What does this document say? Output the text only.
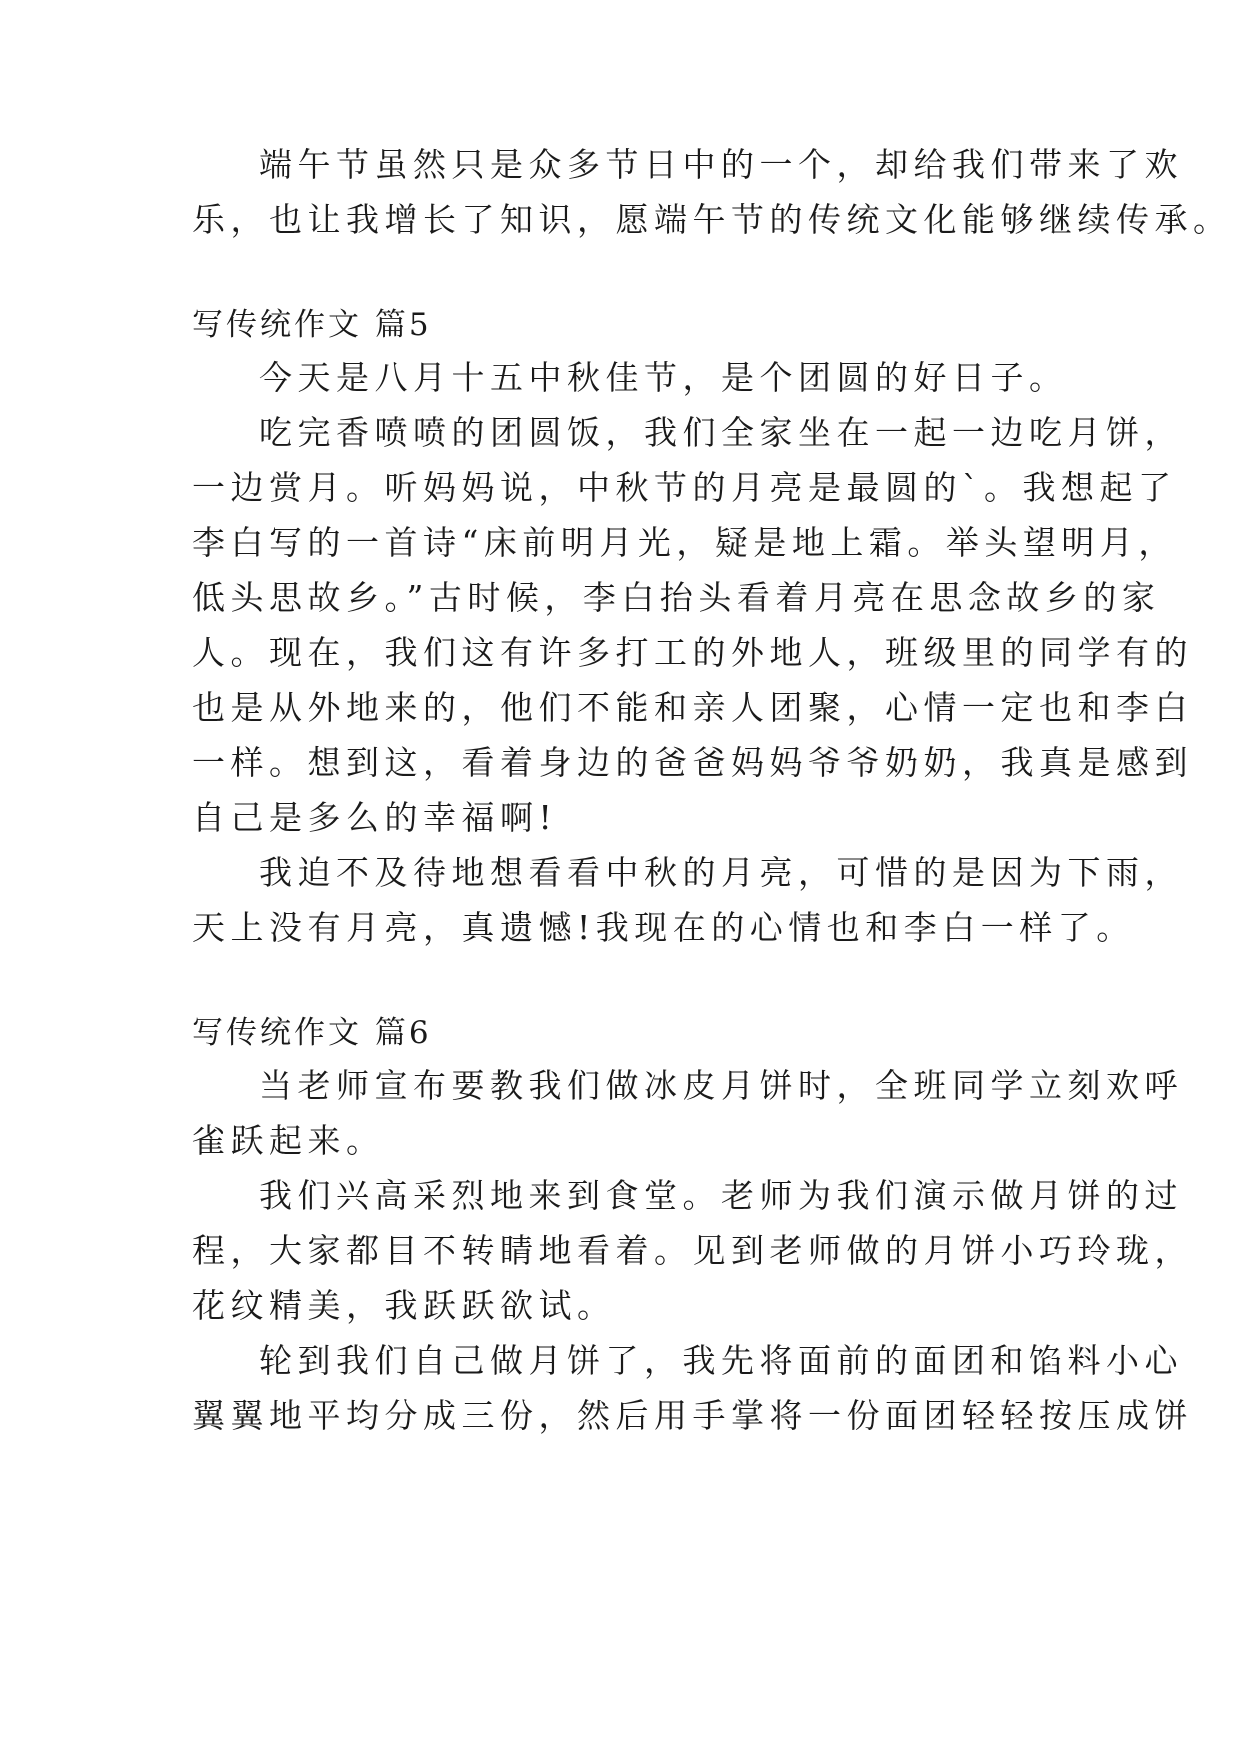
端午节虽然只是众多节日中的一个，却给我们带来了欢
乐，也让我增长了知识，愿端午节的传统文化能够继续传承。
写传统作文 篇5
今天是八月十五中秋佳节，是个团圆的好日子。
吃完香喷喷的团圆饭，我们全家坐在一起一边吃月饼，
一边赏月。听妈妈说，中秋节的月亮是最圆的`。我想起了
李白写的一首诗“床前明月光，疑是地上霜。举头望明月，
低头思故乡。”古时候，李白抬头看着月亮在思念故乡的家
人。现在，我们这有许多打工的外地人，班级里的同学有的
也是从外地来的，他们不能和亲人团聚，心情一定也和李白
一样。想到这，看着身边的爸爸妈妈爷爷奶奶，我真是感到
自己是多么的幸福啊!
我迫不及待地想看看中秋的月亮，可惜的是因为下雨，
天上没有月亮，真遗憾!我现在的心情也和李白一样了。
写传统作文 篇6
当老师宣布要教我们做冰皮月饼时，全班同学立刻欢呼
雀跃起来。
我们兴高采烈地来到食堂。老师为我们演示做月饼的过
程，大家都目不转睛地看着。见到老师做的月饼小巧玲珑，
花纹精美，我跃跃欲试。
轮到我们自己做月饼了，我先将面前的面团和馅料小心
翼翼地平均分成三份，然后用手掌将一份面团轻轻按压成饼
